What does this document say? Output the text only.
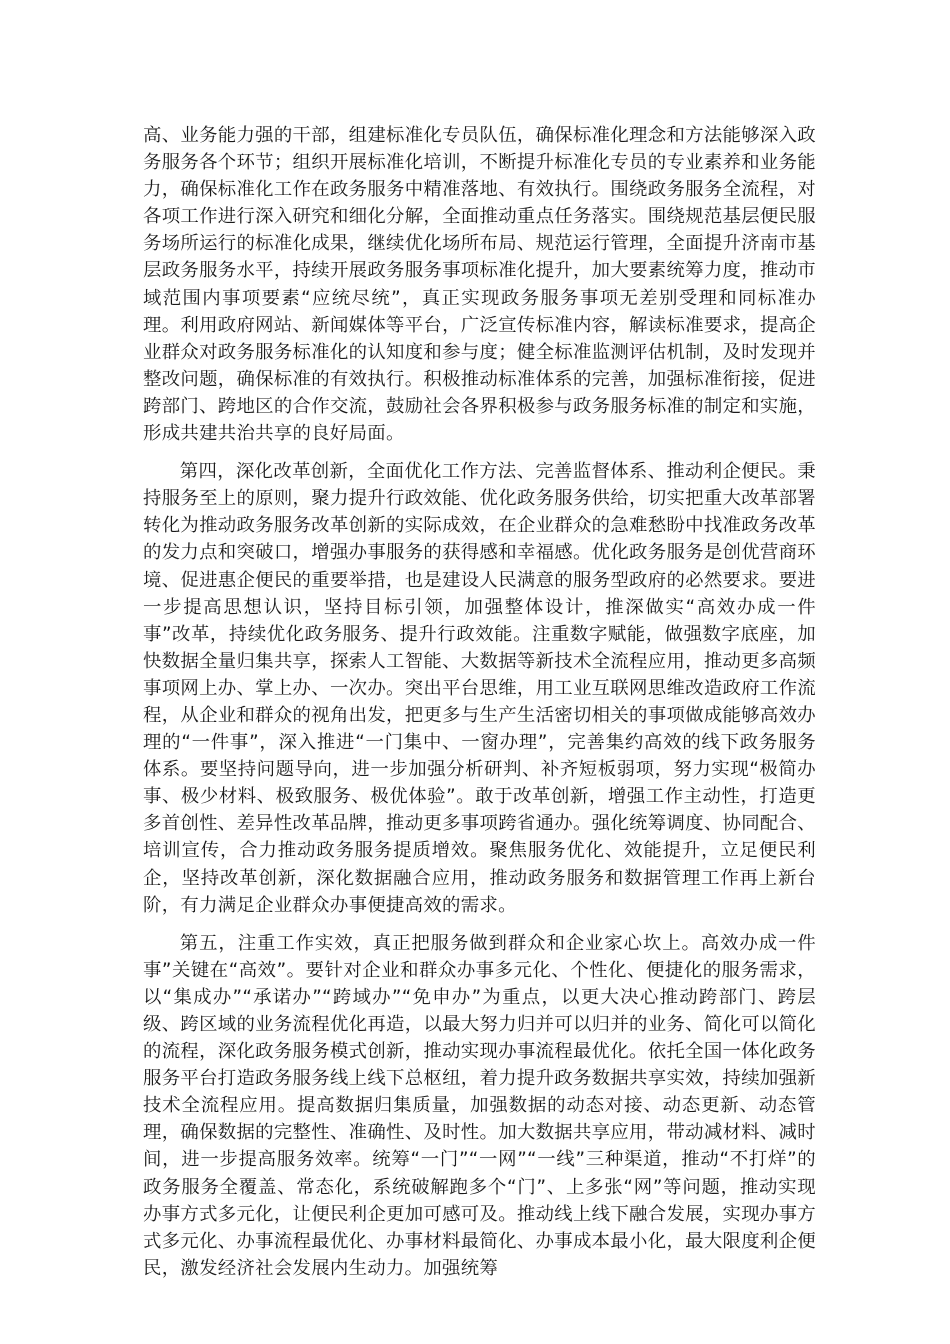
高、业务能力强的干部，组建标准化专员队伍，确保标准化理念和方法能够深入政务服务各个环节；组织开展标准化培训，不断提升标准化专员的专业素养和业务能力，确保标准化工作在政务服务中精准落地、有效执行。围绕政务服务全流程，对各项工作进行深入研究和细化分解，全面推动重点任务落实。围绕规范基层便民服务场所运行的标准化成果，继续优化场所布局、规范运行管理，全面提升济南市基层政务服务水平，持续开展政务服务事项标准化提升，加大要素统筹力度，推动市域范围内事项要素“应统尽统”，真正实现政务服务事项无差别受理和同标准办理。利用政府网站、新闻媒体等平台，广泛宣传标准内容，解读标准要求，提高企业群众对政务服务标准化的认知度和参与度；健全标准监测评估机制，及时发现并整改问题，确保标准的有效执行。积极推动标准体系的完善，加强标准衔接，促进跨部门、跨地区的合作交流，鼓励社会各界积极参与政务服务标准的制定和实施，形成共建共治共享的良好局面。

第四，深化改革创新，全面优化工作方法、完善监督体系、推动利企便民。秉持服务至上的原则，聚力提升行政效能、优化政务服务供给，切实把重大改革部署转化为推动政务服务改革创新的实际成效，在企业群众的急难愁盼中找准政务改革的发力点和突破口，增强办事服务的获得感和幸福感。优化政务服务是创优营商环境、促进惠企便民的重要举措，也是建设人民满意的服务型政府的必然要求。要进一步提高思想认识，坚持目标引领，加强整体设计，推深做实“高效办成一件事”改革，持续优化政务服务、提升行政效能。注重数字赋能，做强数字底座，加快数据全量归集共享，探索人工智能、大数据等新技术全流程应用，推动更多高频事项网上办、掌上办、一次办。突出平台思维，用工业互联网思维改造政府工作流程，从企业和群众的视角出发，把更多与生产生活密切相关的事项做成能够高效办理的“一件事”，深入推进“一门集中、一窗办理”，完善集约高效的线下政务服务体系。要坚持问题导向，进一步加强分析研判、补齐短板弱项，努力实现“极简办事、极少材料、极致服务、极优体验”。敢于改革创新，增强工作主动性，打造更多首创性、差异性改革品牌，推动更多事项跨省通办。强化统筹调度、协同配合、培训宣传，合力推动政务服务提质增效。聚焦服务优化、效能提升，立足便民利企，坚持改革创新，深化数据融合应用，推动政务服务和数据管理工作再上新台阶，有力满足企业群众办事便捷高效的需求。

第五，注重工作实效，真正把服务做到群众和企业家心坎上。高效办成一件事”关键在“高效”。要针对企业和群众办事多元化、个性化、便捷化的服务需求，以“集成办”“承诺办”“跨域办”“免申办”为重点，以更大决心推动跨部门、跨层级、跨区域的业务流程优化再造，以最大努力归并可以归并的业务、简化可以简化的流程，深化政务服务模式创新，推动实现办事流程最优化。依托全国一体化政务服务平台打造政务服务线上线下总枢纽，着力提升政务数据共享实效，持续加强新技术全流程应用。提高数据归集质量，加强数据的动态对接、动态更新、动态管理，确保数据的完整性、准确性、及时性。加大数据共享应用，带动减材料、减时间，进一步提高服务效率。统筹“一门”“一网”“一线”三种渠道，推动“不打烊”的政务服务全覆盖、常态化，系统破解跑多个“门”、上多张“网”等问题，推动实现办事方式多元化，让便民利企更加可感可及。推动线上线下融合发展，实现办事方式多元化、办事流程最优化、办事材料最简化、办事成本最小化，最大限度利企便民，激发经济社会发展内生动力。加强统筹
